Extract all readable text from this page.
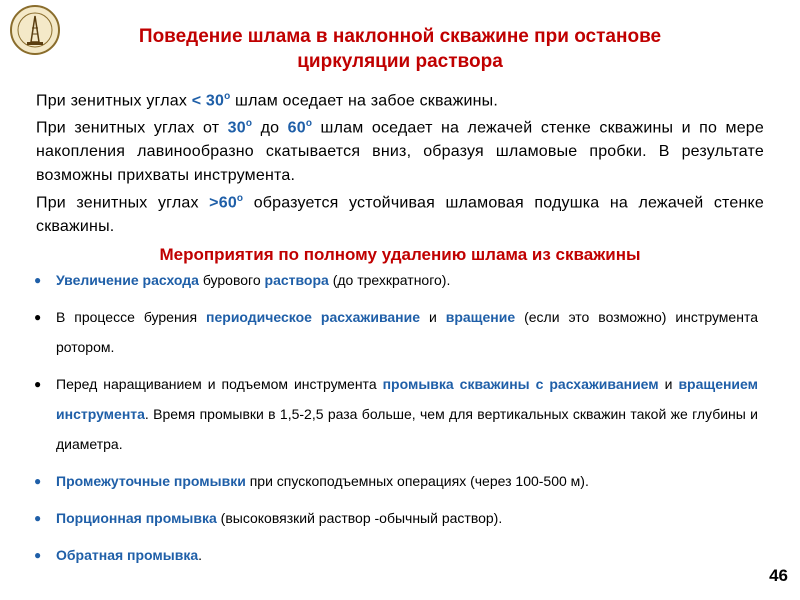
Поведение шлама в наклонной скважине при останове
циркуляции раствора
При зенитных углах < $30^о$ шлам оседает на забое скважины.
При зенитных углах от $30^о$ до $60^о$ шлам оседает на лежачей стенке скважины и по мере накопления лавинообразно скатывается вниз, образуя шламовые пробки. В результате возможны прихваты инструмента.
При зенитных углах $>60^о$ образуется устойчивая шламовая подушка на лежачей стенке скважины.
Мероприятия по полному удалению шлама из скважины
● Увеличение расхода бурового раствора (до трехкратного).
● В процессе бурения периодическое расхаживание и вращение (если это возможно) инструмента ротором.
● Перед наращиванием и подъемом инструмента промывка скважины с расхаживанием и вращением инструмента. Время промывки в 1,5-2,5 раза больше, чем для вертикальных скважин такой же глубины и диаметра.
● Промежуточные промывки при спускоподъемных операциях (через 100-500 м).
● Порционная промывка (высоковязкий раствор -обычный раствор).
● Обратная промывка.
46
